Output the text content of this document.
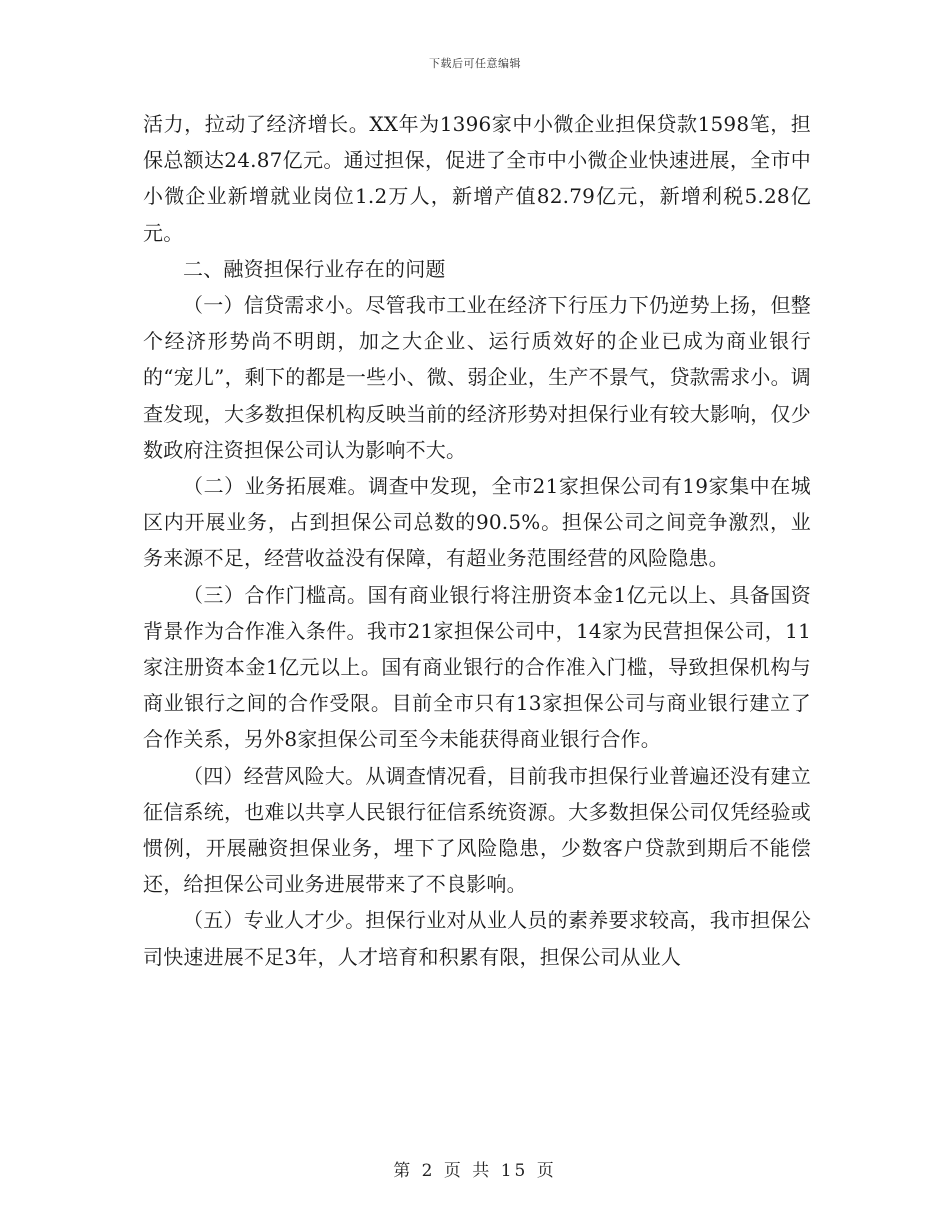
下载后可任意编辑

活力，拉动了经济增长。XX年为1396家中小微企业担保贷款1598笔，担保总额达24.87亿元。通过担保，促进了全市中小微企业快速进展，全市中小微企业新增就业岗位1.2万人，新增产值82.79亿元，新增利税5.28亿元。

二、融资担保行业存在的问题

（一）信贷需求小。尽管我市工业在经济下行压力下仍逆势上扬，但整个经济形势尚不明朗，加之大企业、运行质效好的企业已成为商业银行的“宠儿”，剩下的都是一些小、微、弱企业，生产不景气，贷款需求小。调查发现，大多数担保机构反映当前的经济形势对担保行业有较大影响，仅少数政府注资担保公司认为影响不大。

（二）业务拓展难。调查中发现，全市21家担保公司有19家集中在城区内开展业务，占到担保公司总数的90.5%。担保公司之间竞争激烈，业务来源不足，经营收益没有保障，有超业务范围经营的风险隐患。

（三）合作门槛高。国有商业银行将注册资本金1亿元以上、具备国资背景作为合作准入条件。我市21家担保公司中，14家为民营担保公司，11家注册资本金1亿元以上。国有商业银行的合作准入门槛，导致担保机构与商业银行之间的合作受限。目前全市只有13家担保公司与商业银行建立了合作关系，另外8家担保公司至今未能获得商业银行合作。

（四）经营风险大。从调查情况看，目前我市担保行业普遍还没有建立征信系统，也难以共享人民银行征信系统资源。大多数担保公司仅凭经验或惯例，开展融资担保业务，埋下了风险隐患，少数客户贷款到期后不能偿还，给担保公司业务进展带来了不良影响。

（五）专业人才少。担保行业对从业人员的素养要求较高，我市担保公司快速进展不足3年，人才培育和积累有限，担保公司从业人

第 2 页 共 15 页
